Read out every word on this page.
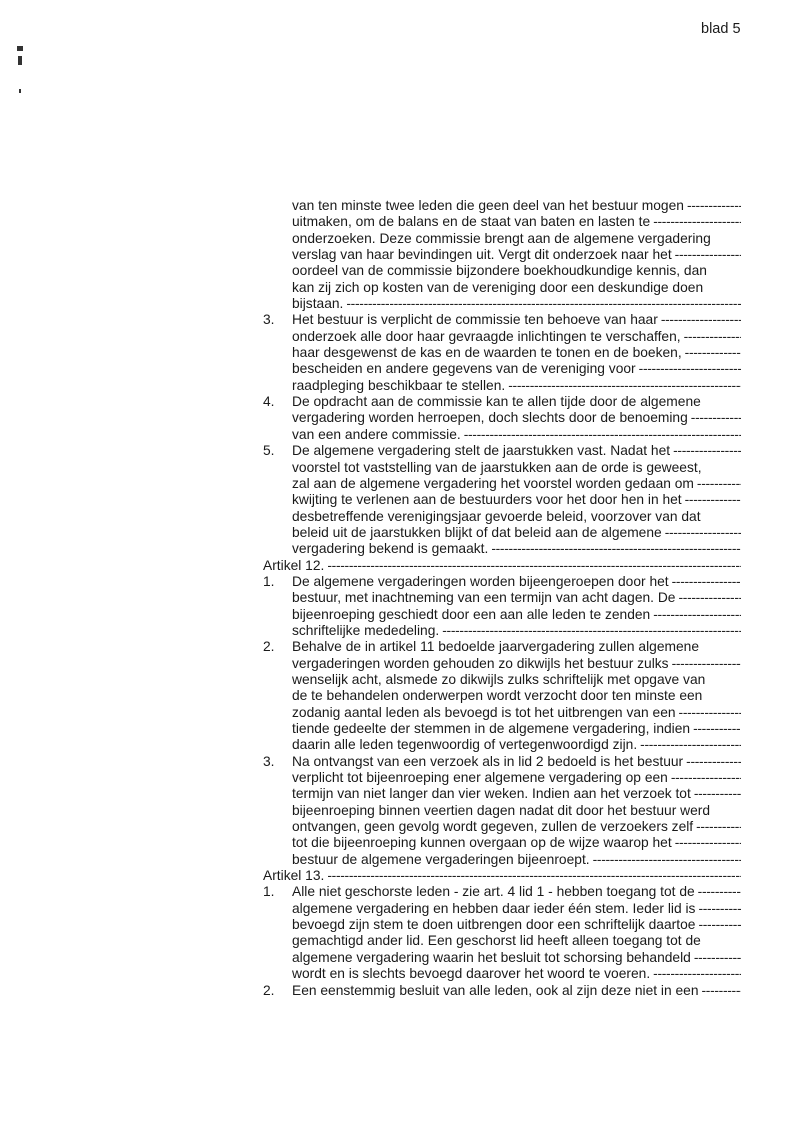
blad 5
van ten minste twee leden die geen deel van het bestuur mogen
-----
uitmaken, om de balans en de staat van baten en lasten te
-----
onderzoeken. Deze commissie brengt aan de algemene vergadering
verslag van haar bevindingen uit. Vergt dit onderzoek naar het
-----
oordeel van de commissie bijzondere boekhoudkundige kennis, dan
kan zij zich op kosten van de vereniging door een deskundige doen
bijstaan.
-----
3.	Het bestuur is verplicht de commissie ten behoeve van haar
-----
onderzoek alle door haar gevraagde inlichtingen te verschaffen,
-----
haar desgewenst de kas en de waarden te tonen en de boeken,
-----
bescheiden en andere gegevens van de vereniging voor
-----
raadpleging beschikbaar te stellen.
-----
4.	De opdracht aan de commissie kan te allen tijde door de algemene
vergadering worden herroepen, doch slechts door de benoeming
-----
van een andere commissie.
-----
5.	De algemene vergadering stelt de jaarstukken vast. Nadat het
-----
voorstel tot vaststelling van de jaarstukken aan de orde is geweest,
zal aan de algemene vergadering het voorstel worden gedaan om
-----
kwijting te verlenen aan de bestuurders voor het door hen in het
-----
desbetreffende verenigingsjaar gevoerde beleid, voorzover van dat
beleid uit de jaarstukken blijkt of dat beleid aan de algemene
-----
vergadering bekend is gemaakt.
-----
Artikel 12.
-----
1.	De algemene vergaderingen worden bijeengeroepen door het
-----
bestuur, met inachtneming van een termijn van acht dagen. De
-----
bijeenroeping geschiedt door een aan alle leden te zenden
-----
schriftelijke mededeling.
-----
2.	Behalve de in artikel 11 bedoelde jaarvergadering zullen algemene
vergaderingen worden gehouden zo dikwijls het bestuur zulks
-----
wenselijk acht, alsmede zo dikwijls zulks schriftelijk met opgave van
de te behandelen onderwerpen wordt verzocht door ten minste een
zodanig aantal leden als bevoegd is tot het uitbrengen van een
-----
tiende gedeelte der stemmen in de algemene vergadering, indien
-----
daarin alle leden tegenwoordig of vertegenwoordigd zijn.
-----
3.	Na ontvangst van een verzoek als in lid 2 bedoeld is het bestuur
-----
verplicht tot bijeenroeping ener algemene vergadering op een
-----
termijn van niet langer dan vier weken. Indien aan het verzoek tot
-----
bijeenroeping binnen veertien dagen nadat dit door het bestuur werd
ontvangen, geen gevolg wordt gegeven, zullen de verzoekers zelf
-----
tot die bijeenroeping kunnen overgaan op de wijze waarop het
-----
bestuur de algemene vergaderingen bijeenroept.
-----
Artikel 13.
-----
1.	Alle niet geschorste leden - zie art. 4 lid 1 - hebben toegang tot de
-----
algemene vergadering en hebben daar ieder één stem. Ieder lid is
-----
bevoegd zijn stem te doen uitbrengen door een schriftelijk daartoe
-----
gemachtigd ander lid. Een geschorst lid heeft alleen toegang tot de
algemene vergadering waarin het besluit tot schorsing behandeld
-----
wordt en is slechts bevoegd daarover het woord te voeren.
-----
2.	Een eenstemmig besluit van alle leden, ook al zijn deze niet in een
-----
